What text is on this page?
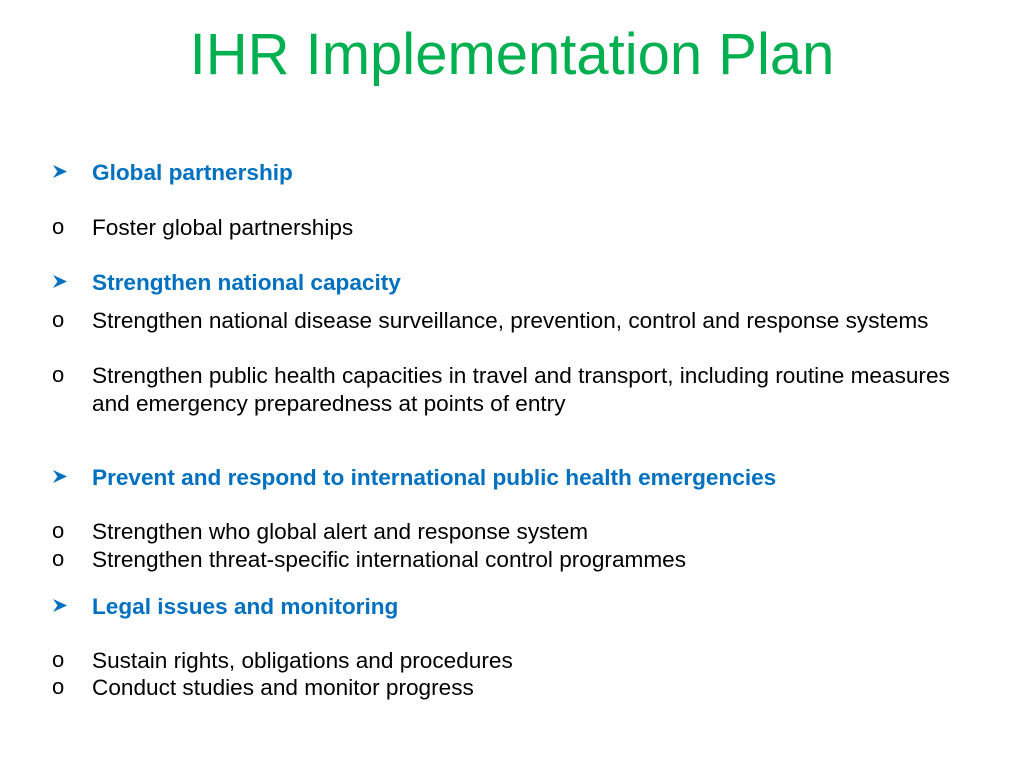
IHR Implementation Plan
Global partnership
o Foster global partnerships
Strengthen national capacity
o Strengthen national disease surveillance, prevention, control and response systems
o Strengthen public health capacities in travel and transport, including routine measures and emergency preparedness at points of entry
Prevent and respond to international public health emergencies
o Strengthen who global alert and response system
o Strengthen threat-specific international control programmes
Legal issues and monitoring
o Sustain rights, obligations and procedures
o Conduct studies and monitor progress
